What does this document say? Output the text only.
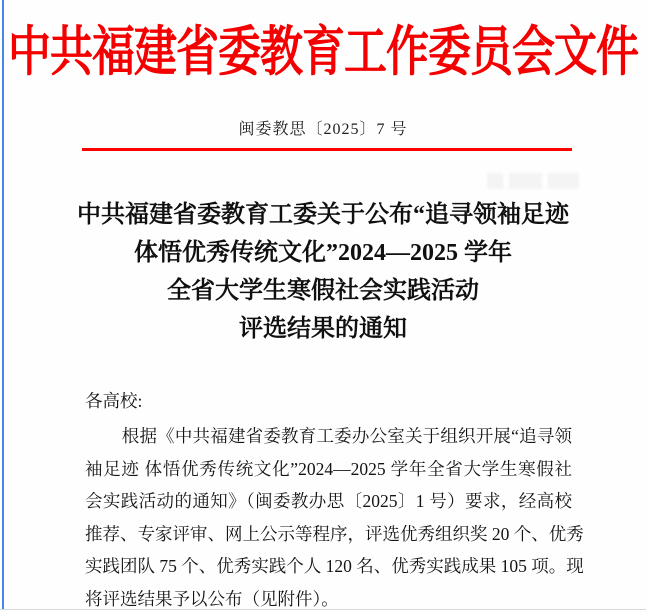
中共福建省委教育工作委员会文件
闽委教思〔2025〕7 号
中共福建省委教育工委关于公布“追寻领袖足迹
体悟优秀传统文化”2024—2025 学年
全省大学生寒假社会实践活动
评选结果的通知
各高校:
根据《中共福建省委教育工委办公室关于组织开展“追寻领
袖足迹 体悟优秀传统文化”2024—2025 学年全省大学生寒假社
会实践活动的通知》（闽委教办思〔2025〕1 号）要求，经高校
推荐、专家评审、网上公示等程序，评选优秀组织奖 20 个、优秀
实践团队 75 个、优秀实践个人 120 名、优秀实践成果 105 项。现
将评选结果予以公布（见附件）。
